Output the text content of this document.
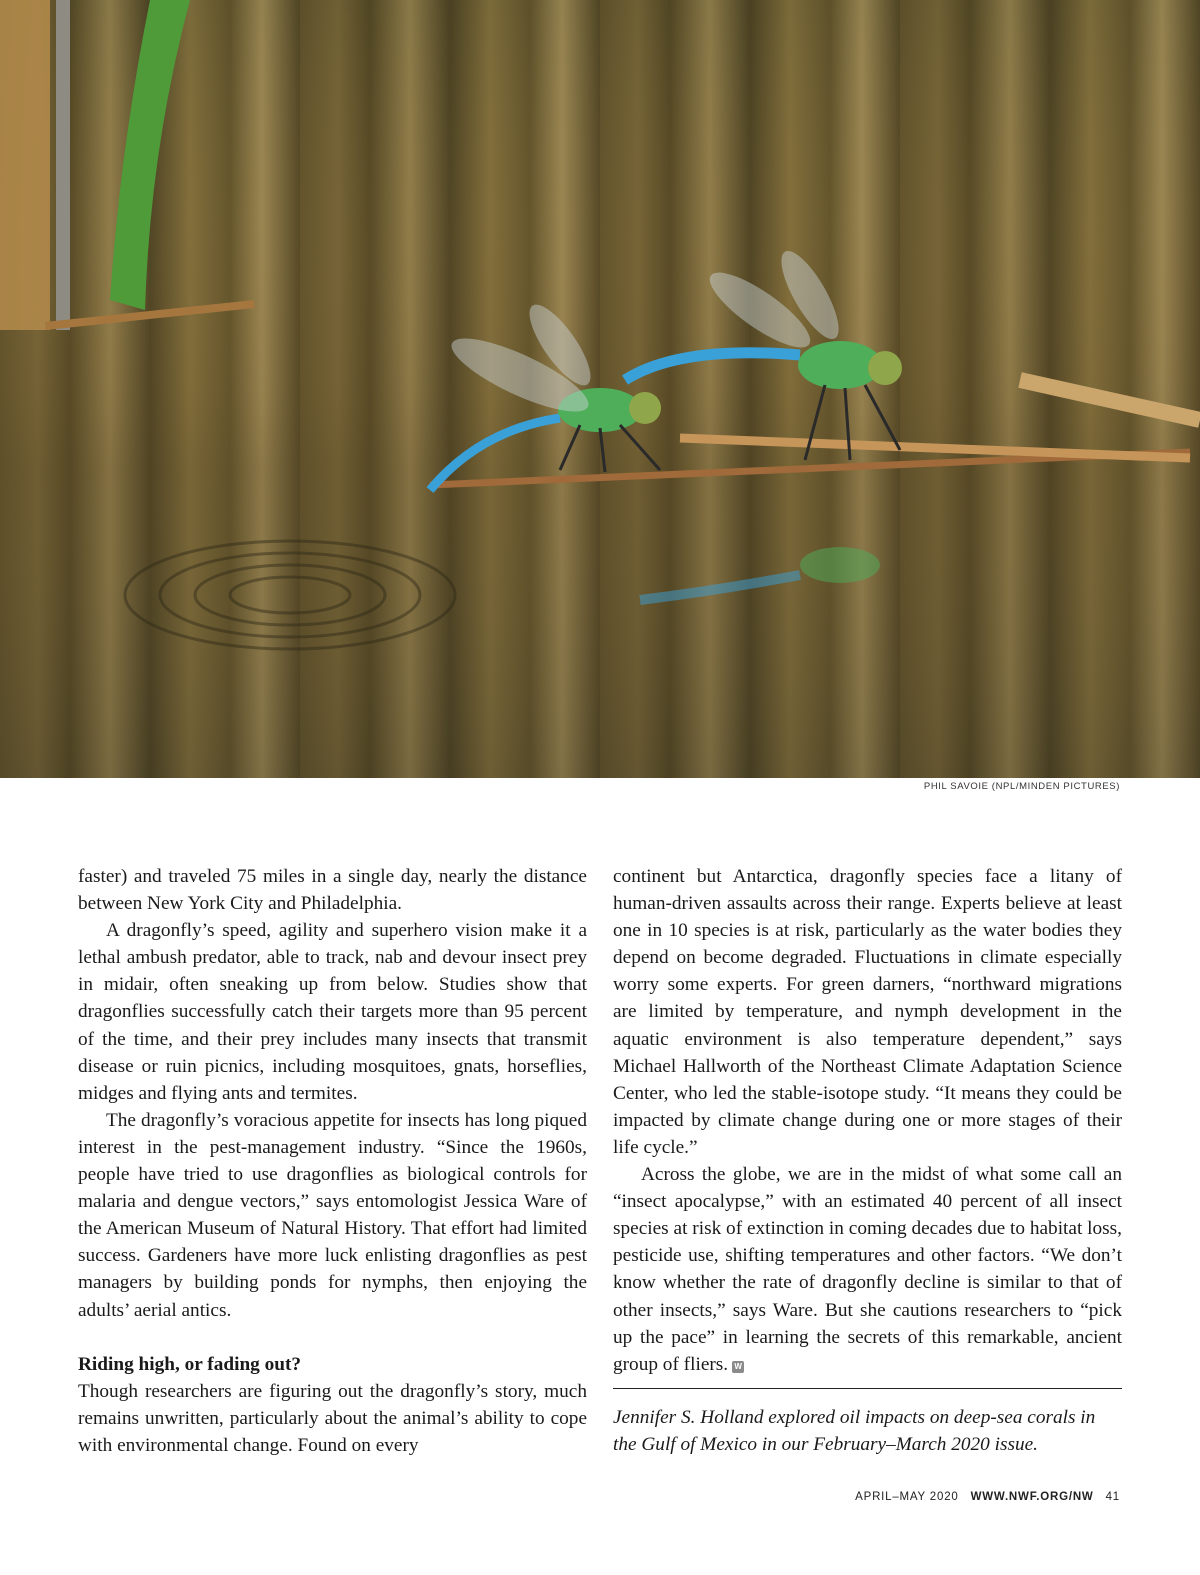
PHIL SAVOIE (NPL/MINDEN PICTURES)

faster) and traveled 75 miles in a single day, nearly the distance between New York City and Philadelphia.

A dragonfly’s speed, agility and superhero vision make it a lethal ambush predator, able to track, nab and devour insect prey in midair, often sneaking up from below. Studies show that dragonflies successfully catch their targets more than 95 percent of the time, and their prey includes many insects that transmit disease or ruin picnics, including mosquitoes, gnats, horseflies, midges and flying ants and termites.

The dragonfly’s voracious appetite for insects has long piqued interest in the pest-management industry. “Since the 1960s, people have tried to use dragonflies as biological controls for malaria and dengue vectors,” says entomologist Jessica Ware of the American Museum of Natural History. That effort had limited success. Gardeners have more luck enlisting dragonflies as pest managers by building ponds for nymphs, then enjoying the adults’ aerial antics.

Riding high, or fading out?

Though researchers are figuring out the dragonfly’s story, much remains unwritten, particularly about the animal’s ability to cope with environmental change. Found on every

continent but Antarctica, dragonfly species face a litany of human-driven assaults across their range. Experts believe at least one in 10 species is at risk, particularly as the water bodies they depend on become degraded. Fluctuations in climate especially worry some experts. For green darners, “northward migrations are limited by temperature, and nymph development in the aquatic environment is also temperature dependent,” says Michael Hallworth of the Northeast Climate Adaptation Science Center, who led the stable-isotope study. “It means they could be impacted by climate change during one or more stages of their life cycle.”

Across the globe, we are in the midst of what some call an “insect apocalypse,” with an estimated 40 percent of all insect species at risk of extinction in coming decades due to habitat loss, pesticide use, shifting temperatures and other factors. “We don’t know whether the rate of dragonfly decline is similar to that of other insects,” says Ware. But she cautions researchers to “pick up the pace” in learning the secrets of this remarkable, ancient group of fliers. W

Jennifer S. Holland explored oil impacts on deep-sea corals in the Gulf of Mexico in our February–March 2020 issue.
APRIL–MAY 2020 WWW.NWF.ORG/NW 41
